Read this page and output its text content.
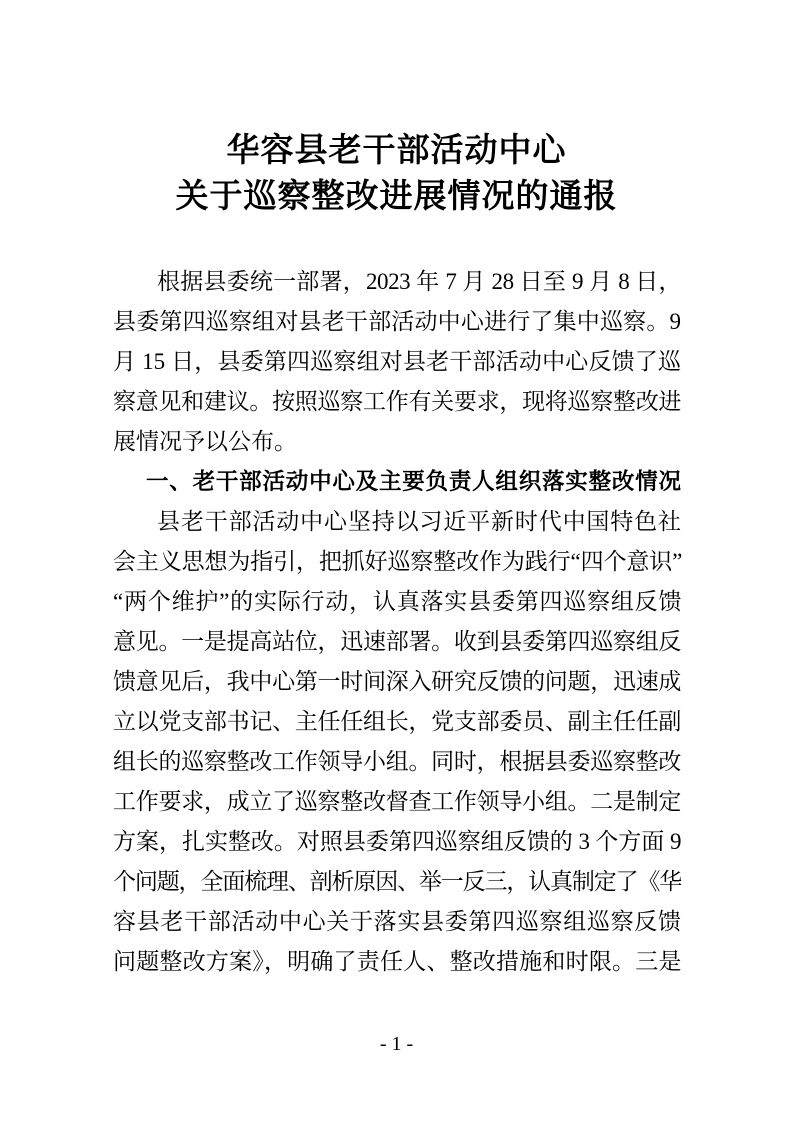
华容县老干部活动中心
关于巡察整改进展情况的通报
根据县委统一部署，2023 年 7 月 28 日至 9 月 8 日，
县委第四巡察组对县老干部活动中心进行了集中巡察。9
月 15 日，县委第四巡察组对县老干部活动中心反馈了巡
察意见和建议。按照巡察工作有关要求，现将巡察整改进
展情况予以公布。
一、老干部活动中心及主要负责人组织落实整改情况
县老干部活动中心坚持以习近平新时代中国特色社
会主义思想为指引，把抓好巡察整改作为践行“四个意识”
“两个维护”的实际行动，认真落实县委第四巡察组反馈
意见。一是提高站位，迅速部署。收到县委第四巡察组反
馈意见后，我中心第一时间深入研究反馈的问题，迅速成
立以党支部书记、主任任组长，党支部委员、副主任任副
组长的巡察整改工作领导小组。同时，根据县委巡察整改
工作要求，成立了巡察整改督查工作领导小组。二是制定
方案，扎实整改。对照县委第四巡察组反馈的 3 个方面 9
个问题，全面梳理、剖析原因、举一反三，认真制定了《华
容县老干部活动中心关于落实县委第四巡察组巡察反馈
问题整改方案》，明确了责任人、整改措施和时限。三是
- 1 -
